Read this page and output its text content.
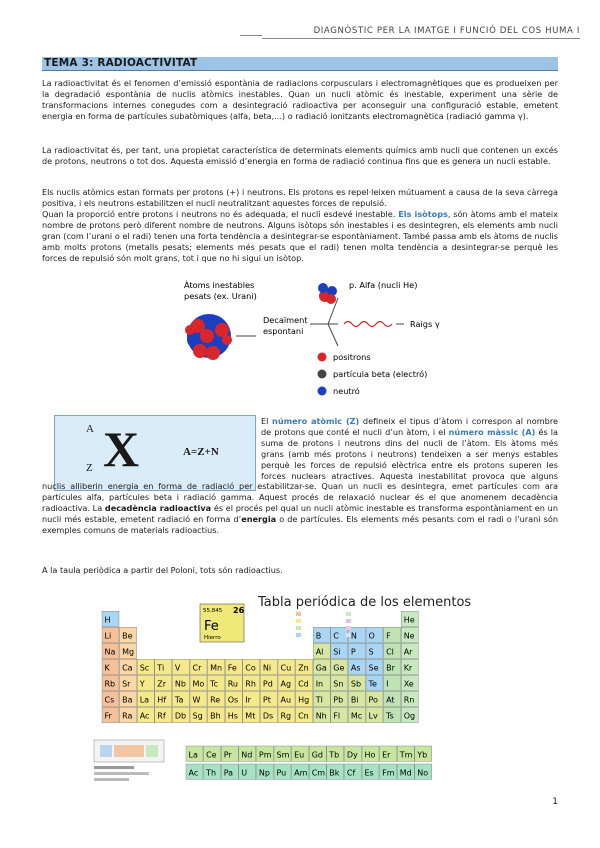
DIAGNÒSTIC PER LA IMATGE I FUNCIÓ DEL COS HUMA I
TEMA 3: RADIOACTIVITAT

La radioactivitat és el fenomen d’emissió espontània de radiacions corpusculars i electromagnètiques que es produeixen per la degradació espontània de nuclis atòmics inestables. Quan un nucli atòmic és inestable, experiment una sèrie de transformacions internes conegudes com a desintegració radioactiva per aconseguir una configuració estable, emetent energia en forma de partícules subatòmiques (alfa, beta,...) o radiació ionitzants electromagnètica (radiació gamma γ).

La radioactivitat és, per tant, una propietat característica de determinats elements químics amb nucli que contenen un excés de protons, neutrons o tot dos. Aquesta emissió d’energia en forma de radiació continua fins que es genera un nucli estable.

Els nuclis atòmics estan formats per protons (+) i neutrons. Els protons es repel·leixen mútuament a causa de la seva càrrega positiva, i els neutrons estabilitzen el nucli neutralitzant aquestes forces de repulsió.

Quan la proporció entre protons i neutrons no és adequada, el nucli esdevé inestable. Els isòtops, són àtoms amb el mateix nombre de protons però diferent nombre de neutrons. Alguns isòtops són inestables i es desintegren, els elements amb nucli gran (com l’urani o el radi) tenen una forta tendència a desintegrar-se espontàniament. També passa amb els àtoms de nuclis amb molts protons (metalls pesats; elements més pesats que el radi) tenen molta tendència a desintegrar-se perquè les forces de repulsió són molt grans, tot i que no hi sigui un isòtop.

Àtoms inestables
pesats (ex. Urani)
Decaïment
espontani
p. Alfa (nucli He)
Raigs γ
positrons
partícula beta (electró)
neutró
A X
Z
A=Z+N

El número atòmic (Z) defineix el tipus d’àtom i correspon al nombre de protons que conté el nucli d’un àtom, i el número màssic (A) és la suma de protons i neutrons dins del nucli de l’àtom. Els àtoms més grans (amb més protons i neutrons) tendeixen a ser menys estables perquè les forces de repulsió elèctrica entre els protons superen les forces nuclears atractives. Aquesta inestabilitat provoca que alguns nuclis alliberin energia en forma de radiació per estabilitzar-se. Quan un nucli es desintegra, emet partícules com ara partícules alfa, partícules beta i radiació gamma. Aquest procés de relaxació nuclear és el que anomenem decadència radioactiva. La decadència radioactiva és el procés pel qual un nucli atòmic inestable es transforma espontàniament en un nucli més estable, emetent radiació en forma d’energia o de partícules. Els elements més pesants com el radi o l’urani són exemples comuns de materials radioactius.

A la taula periòdica a partir del Poloni, tots són radioactius.

Tabla periódica de los elementos
55.845 26
Fe
Hierro
H	He
Li Be	B C N O F Ne
Na Mg	Al Si P S Cl Ar
K Ca Sc Ti V Cr Mn Fe Co Ni Cu Zn Ga Ge As Se Br Kr
Rb Sr Y Zr Nb Mo Tc Ru Rh Pd Ag Cd In Sn Sb Te I Xe
Cs Ba La Hf Ta W Re Os Ir Pt Au Hg Tl Pb Bi Po At Rn
Fr Ra Ac Rf Db Sg Bh Hs Mt Ds Rg Cn Nh Fl Mc Lv Ts Og
La Ce Pr Nd Pm Sm Eu Gd Tb Dy Ho Er Tm Yb
Ac Th Pa U Np Pu Am Cm Bk Cf Es Fm Md No
1
